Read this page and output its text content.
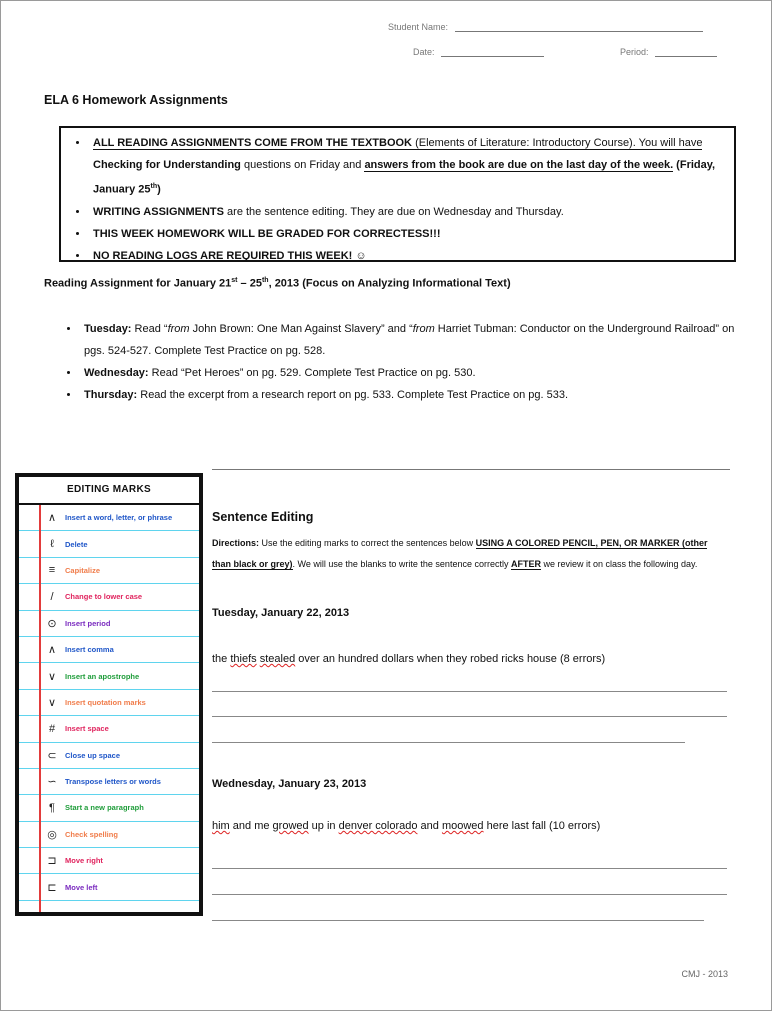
Student Name:
Date:	Period:
ELA 6 Homework Assignments
• ALL READING ASSIGNMENTS COME FROM THE TEXTBOOK (Elements of Literature: Introductory Course). You will have Checking for Understanding questions on Friday and answers from the book are due on the last day of the week. (Friday, January 25th)
• WRITING ASSIGNMENTS are the sentence editing. They are due on Wednesday and Thursday.
• THIS WEEK HOMEWORK WILL BE GRADED FOR CORRECTESS!!!
• NO READING LOGS ARE REQUIRED THIS WEEK! ☺
Reading Assignment for January 21st – 25th, 2013 (Focus on Analyzing Informational Text)
• Tuesday: Read “from John Brown: One Man Against Slavery” and “from Harriet Tubman: Conductor on the Underground Railroad” on pgs. 524-527. Complete Test Practice on pg. 528.
• Wednesday: Read “Pet Heroes” on pg. 529. Complete Test Practice on pg. 530.
• Thursday: Read the excerpt from a research report on pg. 533. Complete Test Practice on pg. 533.
EDITING MARKS
∧	Insert a word, letter, or phrase
ℓ	Delete
≡	Capitalize
/	Change to lower case
⊙	Insert period
∧	Insert comma
∨	Insert an apostrophe
∨	Insert quotation marks
#	Insert space
⊂	Close up space
∽	Transpose letters or words
¶	Start a new paragraph
◎	Check spelling
⊐	Move right
⊏	Move left
Sentence Editing
Directions: Use the editing marks to correct the sentences below USING A COLORED PENCIL, PEN, OR MARKER (other than black or grey). We will use the blanks to write the sentence correctly AFTER we review it on class the following day.
Tuesday, January 22, 2013
the thiefs stealed over an hundred dollars when they robed ricks house (8 errors)
Wednesday, January 23, 2013
him and me growed up in denver colorado and moowed here last fall (10 errors)
CMJ - 2013
